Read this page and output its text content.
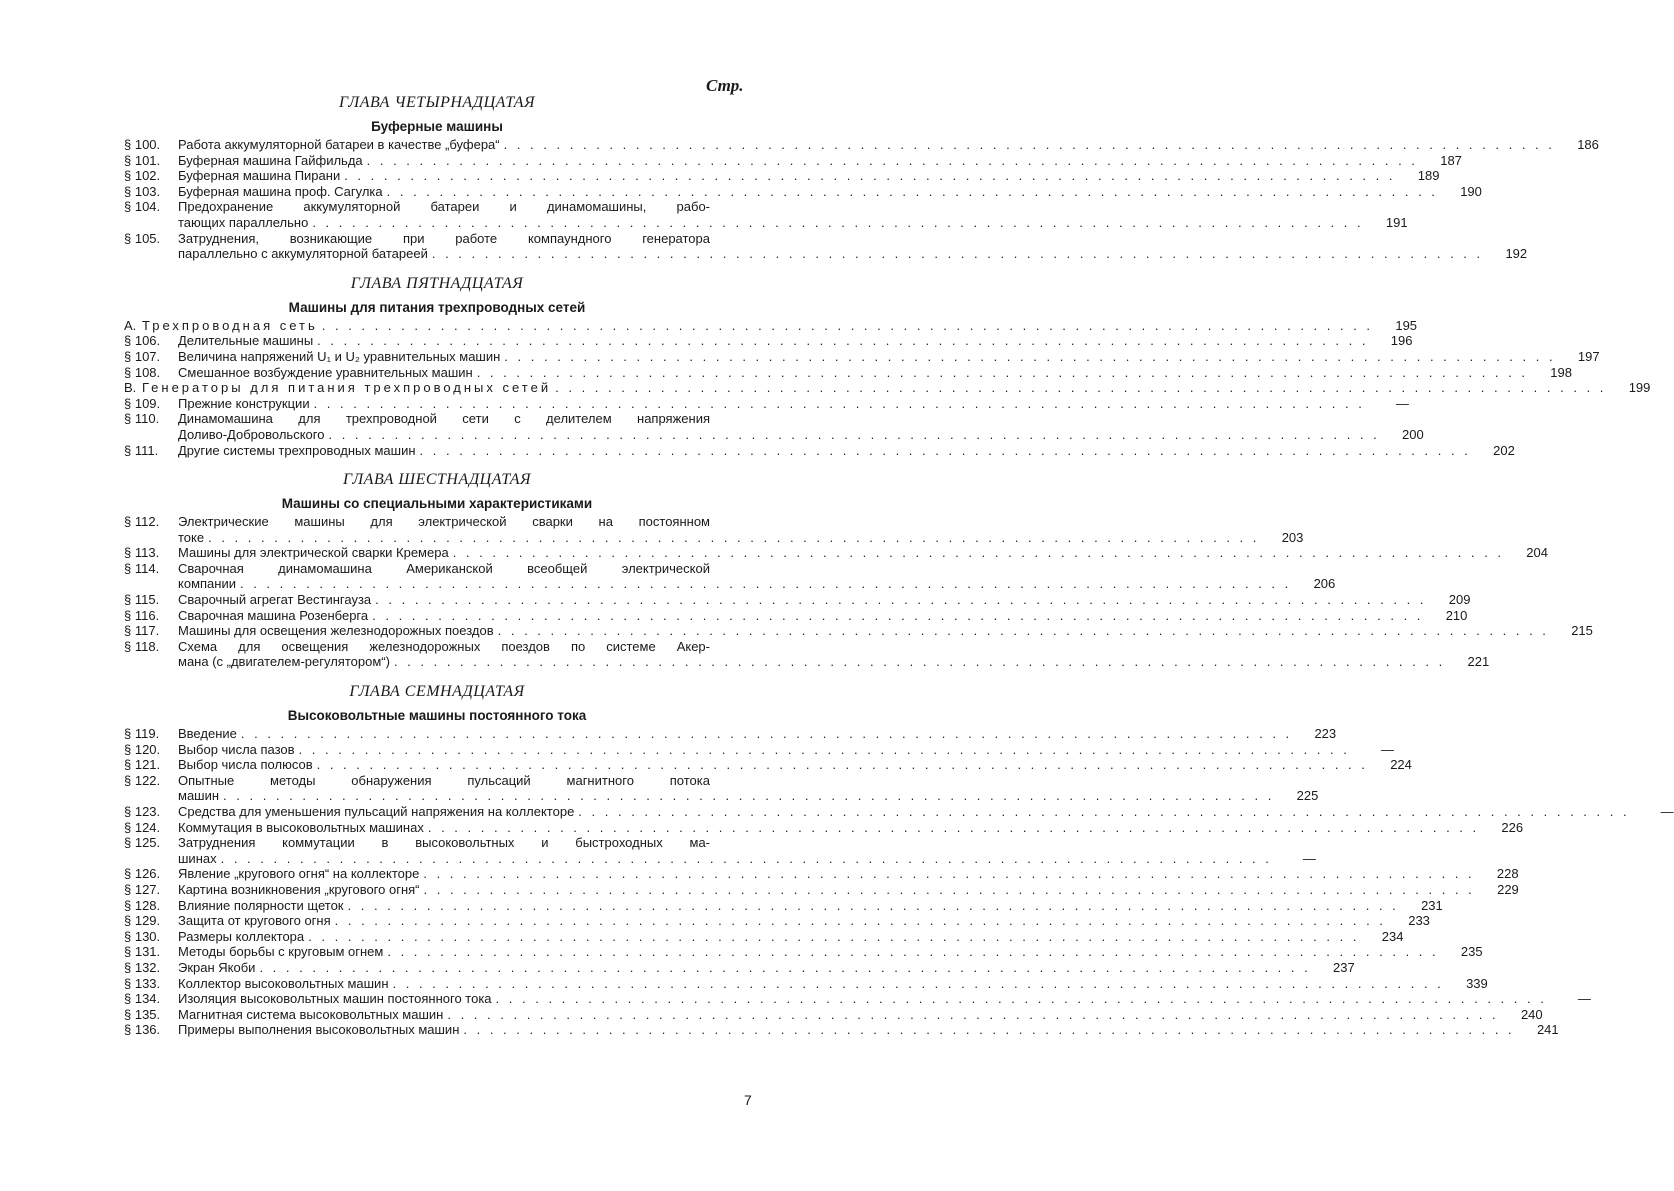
Стр.
ГЛАВА ЧЕТЫРНАДЦАТАЯ
Буферные машины
§ 100.	Работа аккумуляторной батареи в качестве „буфера“ . . . . . . . . . . . . . . . . . . . . . . . . . . . . . . . . . . . . . . . . . . . . . . . . . . . . . . . . . . . . . . . . . . . . . . . . . . . . . . . .	186
§ 101.	Буферная машина Гайфильда . . . . . . . . . . . . . . . . . . . . . . . . . . . . . . . . . . . . . . . . . . . . . . . . . . . . . . . . . . . . . . . . . . . . . . . . . . . . . . . .	187
§ 102.	Буферная машина Пирани . . . . . . . . . . . . . . . . . . . . . . . . . . . . . . . . . . . . . . . . . . . . . . . . . . . . . . . . . . . . . . . . . . . . . . . . . . . . . . . .	189
§ 103.	Буферная машина проф. Сагулка . . . . . . . . . . . . . . . . . . . . . . . . . . . . . . . . . . . . . . . . . . . . . . . . . . . . . . . . . . . . . . . . . . . . . . . . . . . . . . . .	190
§ 104.	Предохранение аккумуляторной батареи и динамомашины, рабо-
тающих параллельно . . . . . . . . . . . . . . . . . . . . . . . . . . . . . . . . . . . . . . . . . . . . . . . . . . . . . . . . . . . . . . . . . . . . . . . . . . . . . . . .	191
§ 105.	Затруднения, возникающие при работе компаундного генератора
параллельно с аккумуляторной батареей . . . . . . . . . . . . . . . . . . . . . . . . . . . . . . . . . . . . . . . . . . . . . . . . . . . . . . . . . . . . . . . . . . . . . . . . . . . . . . . .	192
ГЛАВА ПЯТНАДЦАТАЯ
Машины для питания трехпроводных сетей
А. Трехпроводная сеть . . . . . . . . . . . . . . . . . . . . . . . . . . . . . . . . . . . . . . . . . . . . . . . . . . . . . . . . . . . . . . . . . . . . . . . . . . . . . . . .	195
§ 106.	Делительные машины . . . . . . . . . . . . . . . . . . . . . . . . . . . . . . . . . . . . . . . . . . . . . . . . . . . . . . . . . . . . . . . . . . . . . . . . . . . . . . . .	196
§ 107.	Величина напряжений U₁ и U₂ уравнительных машин . . . . . . . . . . . . . . . . . . . . . . . . . . . . . . . . . . . . . . . . . . . . . . . . . . . . . . . . . . . . . . . . . . . . . . . . . . . . . . . .	197
§ 108.	Смешанное возбуждение уравнительных машин . . . . . . . . . . . . . . . . . . . . . . . . . . . . . . . . . . . . . . . . . . . . . . . . . . . . . . . . . . . . . . . . . . . . . . . . . . . . . . . .	198
В. Генераторы для питания трехпроводных сетей . . . . . . . . . . . . . . . . . . . . . . . . . . . . . . . . . . . . . . . . . . . . . . . . . . . . . . . . . . . . . . . . . . . . . . . . . . . . . . . .	199
§ 109.	Прежние конструкции . . . . . . . . . . . . . . . . . . . . . . . . . . . . . . . . . . . . . . . . . . . . . . . . . . . . . . . . . . . . . . . . . . . . . . . . . . . . . . . .	—
§ 110.	Динамомашина для трехпроводной сети с делителем напряжения
Доливо-Добровольского . . . . . . . . . . . . . . . . . . . . . . . . . . . . . . . . . . . . . . . . . . . . . . . . . . . . . . . . . . . . . . . . . . . . . . . . . . . . . . . .	200
§ 111.	Другие системы трехпроводных машин . . . . . . . . . . . . . . . . . . . . . . . . . . . . . . . . . . . . . . . . . . . . . . . . . . . . . . . . . . . . . . . . . . . . . . . . . . . . . . . .	202
ГЛАВА ШЕСТНАДЦАТАЯ
Машины со специальными характеристиками
§ 112.	Электрические машины для электрической сварки на постоянном
токе . . . . . . . . . . . . . . . . . . . . . . . . . . . . . . . . . . . . . . . . . . . . . . . . . . . . . . . . . . . . . . . . . . . . . . . . . . . . . . . .	203
§ 113.	Машины для электрической сварки Кремера . . . . . . . . . . . . . . . . . . . . . . . . . . . . . . . . . . . . . . . . . . . . . . . . . . . . . . . . . . . . . . . . . . . . . . . . . . . . . . . .	204
§ 114.	Сварочная динамомашина Американской всеобщей электрической
компании . . . . . . . . . . . . . . . . . . . . . . . . . . . . . . . . . . . . . . . . . . . . . . . . . . . . . . . . . . . . . . . . . . . . . . . . . . . . . . . .	206
§ 115.	Сварочный агрегат Вестингауза . . . . . . . . . . . . . . . . . . . . . . . . . . . . . . . . . . . . . . . . . . . . . . . . . . . . . . . . . . . . . . . . . . . . . . . . . . . . . . . .	209
§ 116.	Сварочная машина Розенберга . . . . . . . . . . . . . . . . . . . . . . . . . . . . . . . . . . . . . . . . . . . . . . . . . . . . . . . . . . . . . . . . . . . . . . . . . . . . . . . .	210
§ 117.	Машины для освещения железнодорожных поездов . . . . . . . . . . . . . . . . . . . . . . . . . . . . . . . . . . . . . . . . . . . . . . . . . . . . . . . . . . . . . . . . . . . . . . . . . . . . . . . .	215
§ 118.	Схема для освещения железнодорожных поездов по системе Акер-
мана (с „двигателем-регулятором“) . . . . . . . . . . . . . . . . . . . . . . . . . . . . . . . . . . . . . . . . . . . . . . . . . . . . . . . . . . . . . . . . . . . . . . . . . . . . . . . .	221
ГЛАВА СЕМНАДЦАТАЯ
Высоковольтные машины постоянного тока
§ 119.	Введение . . . . . . . . . . . . . . . . . . . . . . . . . . . . . . . . . . . . . . . . . . . . . . . . . . . . . . . . . . . . . . . . . . . . . . . . . . . . . . . .	223
§ 120.	Выбор числа пазов . . . . . . . . . . . . . . . . . . . . . . . . . . . . . . . . . . . . . . . . . . . . . . . . . . . . . . . . . . . . . . . . . . . . . . . . . . . . . . . .	—
§ 121.	Выбор числа полюсов . . . . . . . . . . . . . . . . . . . . . . . . . . . . . . . . . . . . . . . . . . . . . . . . . . . . . . . . . . . . . . . . . . . . . . . . . . . . . . . .	224
§ 122.	Опытные методы обнаружения пульсаций магнитного потока
машин . . . . . . . . . . . . . . . . . . . . . . . . . . . . . . . . . . . . . . . . . . . . . . . . . . . . . . . . . . . . . . . . . . . . . . . . . . . . . . . .	225
§ 123.	Средства для уменьшения пульсаций напряжения на коллекторе . . . . . . . . . . . . . . . . . . . . . . . . . . . . . . . . . . . . . . . . . . . . . . . . . . . . . . . . . . . . . . . . . . . . . . . . . . . . . . . .	—
§ 124.	Коммутация в высоковольтных машинах . . . . . . . . . . . . . . . . . . . . . . . . . . . . . . . . . . . . . . . . . . . . . . . . . . . . . . . . . . . . . . . . . . . . . . . . . . . . . . . .	226
§ 125.	Затруднения коммутации в высоковольтных и быстроходных ма-
шинах . . . . . . . . . . . . . . . . . . . . . . . . . . . . . . . . . . . . . . . . . . . . . . . . . . . . . . . . . . . . . . . . . . . . . . . . . . . . . . . .	—
§ 126.	Явление „кругового огня“ на коллекторе . . . . . . . . . . . . . . . . . . . . . . . . . . . . . . . . . . . . . . . . . . . . . . . . . . . . . . . . . . . . . . . . . . . . . . . . . . . . . . . .	228
§ 127.	Картина возникновения „кругового огня“ . . . . . . . . . . . . . . . . . . . . . . . . . . . . . . . . . . . . . . . . . . . . . . . . . . . . . . . . . . . . . . . . . . . . . . . . . . . . . . . .	229
§ 128.	Влияние полярности щеток . . . . . . . . . . . . . . . . . . . . . . . . . . . . . . . . . . . . . . . . . . . . . . . . . . . . . . . . . . . . . . . . . . . . . . . . . . . . . . . .	231
§ 129.	Защита от кругового огня . . . . . . . . . . . . . . . . . . . . . . . . . . . . . . . . . . . . . . . . . . . . . . . . . . . . . . . . . . . . . . . . . . . . . . . . . . . . . . . .	233
§ 130.	Размеры коллектора . . . . . . . . . . . . . . . . . . . . . . . . . . . . . . . . . . . . . . . . . . . . . . . . . . . . . . . . . . . . . . . . . . . . . . . . . . . . . . . .	234
§ 131.	Методы борьбы с круговым огнем . . . . . . . . . . . . . . . . . . . . . . . . . . . . . . . . . . . . . . . . . . . . . . . . . . . . . . . . . . . . . . . . . . . . . . . . . . . . . . . .	235
§ 132.	Экран Якоби . . . . . . . . . . . . . . . . . . . . . . . . . . . . . . . . . . . . . . . . . . . . . . . . . . . . . . . . . . . . . . . . . . . . . . . . . . . . . . . .	237
§ 133.	Коллектор высоковольтных машин . . . . . . . . . . . . . . . . . . . . . . . . . . . . . . . . . . . . . . . . . . . . . . . . . . . . . . . . . . . . . . . . . . . . . . . . . . . . . . . .	339
§ 134.	Изоляция высоковольтных машин постоянного тока . . . . . . . . . . . . . . . . . . . . . . . . . . . . . . . . . . . . . . . . . . . . . . . . . . . . . . . . . . . . . . . . . . . . . . . . . . . . . . . .	—
§ 135.	Магнитная система высоковольтных машин . . . . . . . . . . . . . . . . . . . . . . . . . . . . . . . . . . . . . . . . . . . . . . . . . . . . . . . . . . . . . . . . . . . . . . . . . . . . . . . .	240
§ 136.	Примеры выполнения высоковольтных машин . . . . . . . . . . . . . . . . . . . . . . . . . . . . . . . . . . . . . . . . . . . . . . . . . . . . . . . . . . . . . . . . . . . . . . . . . . . . . . . .	241
7
